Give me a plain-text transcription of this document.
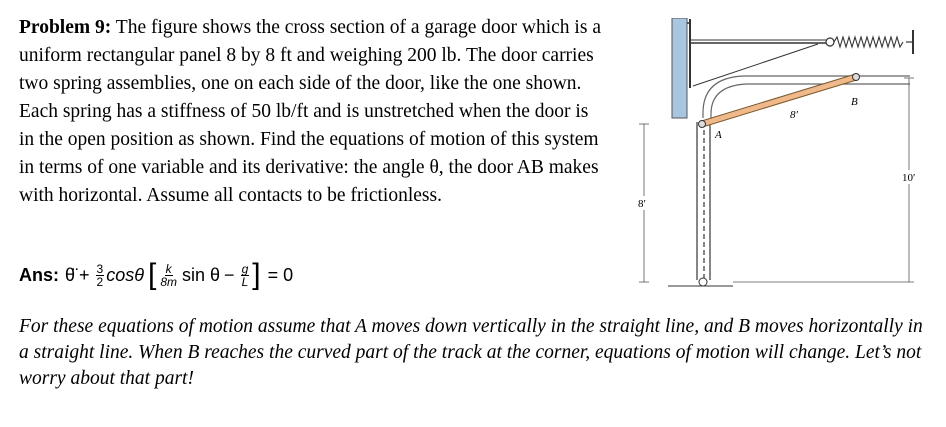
Problem 9: The figure shows the cross section of a garage door which is a uniform rectangular panel 8 by 8 ft and weighing 200 lb. The door carries two spring assemblies, one on each side of the door, like the one shown. Each spring has a stiffness of 50 lb/ft and is unstretched when the door is in the open position as shown. Find the equations of motion of this system in terms of one variable and its derivative: the angle θ, the door AB makes with horizontal. Assume all contacts to be frictionless.

Ans: θ̈ + $\frac{3}{2}$ cosθ [ $\frac{k}{8m}$ $\sin \theta - \frac{g}{L}$ ] = 0

For these equations of motion assume that A moves down vertically in the straight line, and B moves horizontally in a straight line. When B reaches the curved part of the track at the corner, equations of motion will change. Let’s not worry about that part!

A
B
8′
8′
10′
